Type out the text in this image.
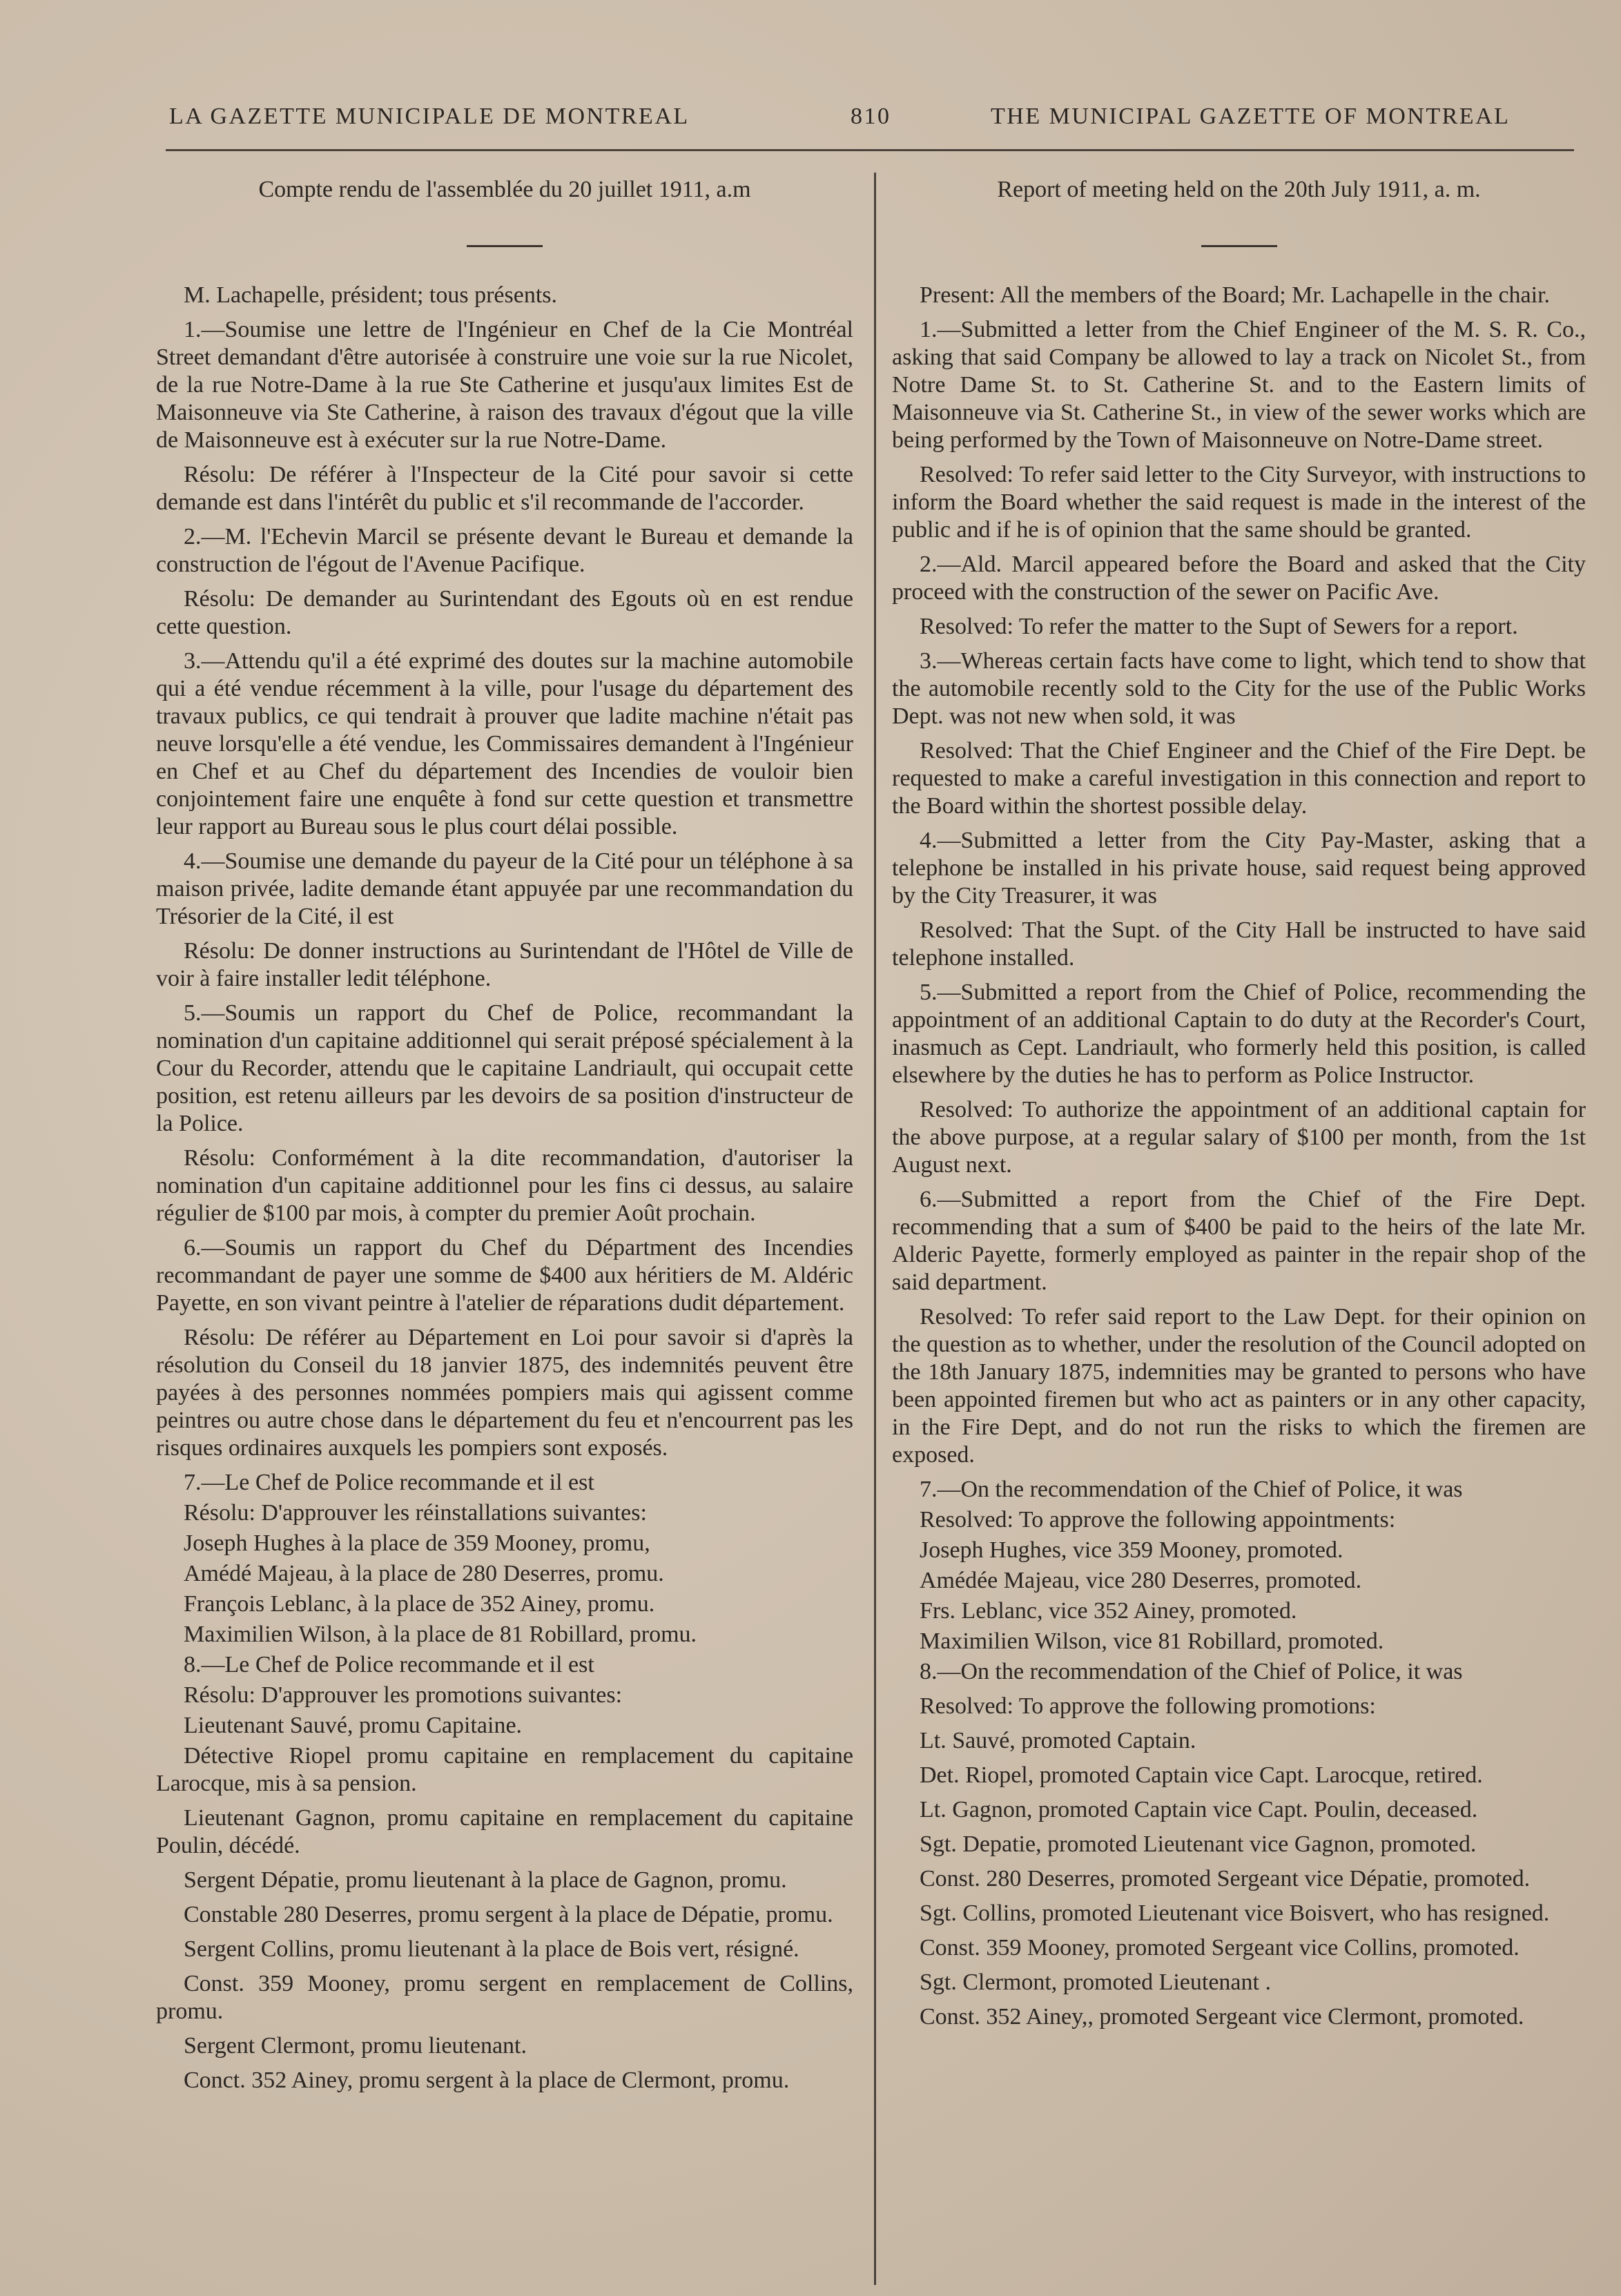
LA GAZETTE MUNICIPALE DE MONTREAL	810	THE MUNICIPAL GAZETTE OF MONTREAL

Compte rendu de l'assemblée du 20 juillet 1911, a.m

M. Lachapelle, président; tous présents.

1.—Soumise une lettre de l'Ingénieur en Chef de la Cie Montréal Street demandant d'être autorisée à construire une voie sur la rue Nicolet, de la rue Notre-Dame à la rue Ste Catherine et jusqu'aux limites Est de Maisonneuve via Ste Catherine, à raison des travaux d'égout que la ville de Maisonneuve est à exécuter sur la rue Notre-Dame.

Résolu: De référer à l'Inspecteur de la Cité pour savoir si cette demande est dans l'intérêt du public et s'il recommande de l'accorder.

2.—M. l'Echevin Marcil se présente devant le Bureau et demande la construction de l'égout de l'Avenue Pacifique.

Résolu: De demander au Surintendant des Egouts où en est rendue cette question.

3.—Attendu qu'il a été exprimé des doutes sur la machine automobile qui a été vendue récemment à la ville, pour l'usage du département des travaux publics, ce qui tendrait à prouver que ladite machine n'était pas neuve lorsqu'elle a été vendue, les Commissaires demandent à l'Ingénieur en Chef et au Chef du département des Incendies de vouloir bien conjointement faire une enquête à fond sur cette question et transmettre leur rapport au Bureau sous le plus court délai possible.

4.—Soumise une demande du payeur de la Cité pour un téléphone à sa maison privée, ladite demande étant appuyée par une recommandation du Trésorier de la Cité, il est

Résolu: De donner instructions au Surintendant de l'Hôtel de Ville de voir à faire installer ledit téléphone.

5.—Soumis un rapport du Chef de Police, recommandant la nomination d'un capitaine additionnel qui serait préposé spécialement à la Cour du Recorder, attendu que le capitaine Landriault, qui occupait cette position, est retenu ailleurs par les devoirs de sa position d'instructeur de la Police.

Résolu: Conformément à la dite recommandation, d'autoriser la nomination d'un capitaine additionnel pour les fins ci dessus, au salaire régulier de $100 par mois, à compter du premier Août prochain.

6.—Soumis un rapport du Chef du Départment des Incendies recommandant de payer une somme de $400 aux héritiers de M. Aldéric Payette, en son vivant peintre à l'atelier de réparations dudit département.

Résolu: De référer au Département en Loi pour savoir si d'après la résolution du Conseil du 18 janvier 1875, des indemnités peuvent être payées à des personnes nommées pompiers mais qui agissent comme peintres ou autre chose dans le département du feu et n'encourrent pas les risques ordinaires auxquels les pompiers sont exposés.

7.—Le Chef de Police recommande et il est

Résolu: D'approuver les réinstallations suivantes:

Joseph Hughes à la place de 359 Mooney, promu,

Amédé Majeau, à la place de 280 Deserres, promu.

François Leblanc, à la place de 352 Ainey, promu.

Maximilien Wilson, à la place de 81 Robillard, promu.

8.—Le Chef de Police recommande et il est

Résolu: D'approuver les promotions suivantes:

Lieutenant Sauvé, promu Capitaine.

Détective Riopel promu capitaine en remplacement du capitaine Larocque, mis à sa pension.

Lieutenant Gagnon, promu capitaine en remplacement du capitaine Poulin, décédé.

Sergent Dépatie, promu lieutenant à la place de Gagnon, promu.

Constable 280 Deserres, promu sergent à la place de Dépatie, promu.

Sergent Collins, promu lieutenant à la place de Bois vert, résigné.

Const. 359 Mooney, promu sergent en remplacement de Collins, promu.

Sergent Clermont, promu lieutenant.

Conct. 352 Ainey, promu sergent à la place de Clermont, promu.

Report of meeting held on the 20th July 1911, a. m.

Present: All the members of the Board; Mr. Lachapelle in the chair.

1.—Submitted a letter from the Chief Engineer of the M. S. R. Co., asking that said Company be allowed to lay a track on Nicolet St., from Notre Dame St. to St. Catherine St. and to the Eastern limits of Maisonneuve via St. Catherine St., in view of the sewer works which are being performed by the Town of Maisonneuve on Notre-Dame street.

Resolved: To refer said letter to the City Surveyor, with instructions to inform the Board whether the said request is made in the interest of the public and if he is of opinion that the same should be granted.

2.—Ald. Marcil appeared before the Board and asked that the City proceed with the construction of the sewer on Pacific Ave.

Resolved: To refer the matter to the Supt of Sewers for a report.

3.—Whereas certain facts have come to light, which tend to show that the automobile recently sold to the City for the use of the Public Works Dept. was not new when sold, it was

Resolved: That the Chief Engineer and the Chief of the Fire Dept. be requested to make a careful investigation in this connection and report to the Board within the shortest possible delay.

4.—Submitted a letter from the City Pay-Master, asking that a telephone be installed in his private house, said request being approved by the City Treasurer, it was

Resolved: That the Supt. of the City Hall be instructed to have said telephone installed.

5.—Submitted a report from the Chief of Police, recommending the appointment of an additional Captain to do duty at the Recorder's Court, inasmuch as Cept. Landriault, who formerly held this position, is called elsewhere by the duties he has to perform as Police Instructor.

Resolved: To authorize the appointment of an additional captain for the above purpose, at a regular salary of $100 per month, from the 1st August next.

6.—Submitted a report from the Chief of the Fire Dept. recommending that a sum of $400 be paid to the heirs of the late Mr. Alderic Payette, formerly employed as painter in the repair shop of the said department.

Resolved: To refer said report to the Law Dept. for their opinion on the question as to whether, under the resolution of the Council adopted on the 18th January 1875, indemnities may be granted to persons who have been appointed firemen but who act as painters or in any other capacity, in the Fire Dept, and do not run the risks to which the firemen are exposed.

7.—On the recommendation of the Chief of Police, it was

Resolved: To approve the following appointments:

Joseph Hughes, vice 359 Mooney, promoted.

Amédée Majeau, vice 280 Deserres, promoted.

Frs. Leblanc, vice 352 Ainey, promoted.

Maximilien Wilson, vice 81 Robillard, promoted.

8.—On the recommendation of the Chief of Police, it was

Resolved: To approve the following promotions:

Lt. Sauvé, promoted Captain.

Det. Riopel, promoted Captain vice Capt. Larocque, retired.

Lt. Gagnon, promoted Captain vice Capt. Poulin, deceased.

Sgt. Depatie, promoted Lieutenant vice Gagnon, promoted.

Const. 280 Deserres, promoted Sergeant vice Dépatie, promoted.

Sgt. Collins, promoted Lieutenant vice Boisvert, who has resigned.

Const. 359 Mooney, promoted Sergeant vice Collins, promoted.

Sgt. Clermont, promoted Lieutenant .

Const. 352 Ainey,, promoted Sergeant vice Clermont, promoted.
